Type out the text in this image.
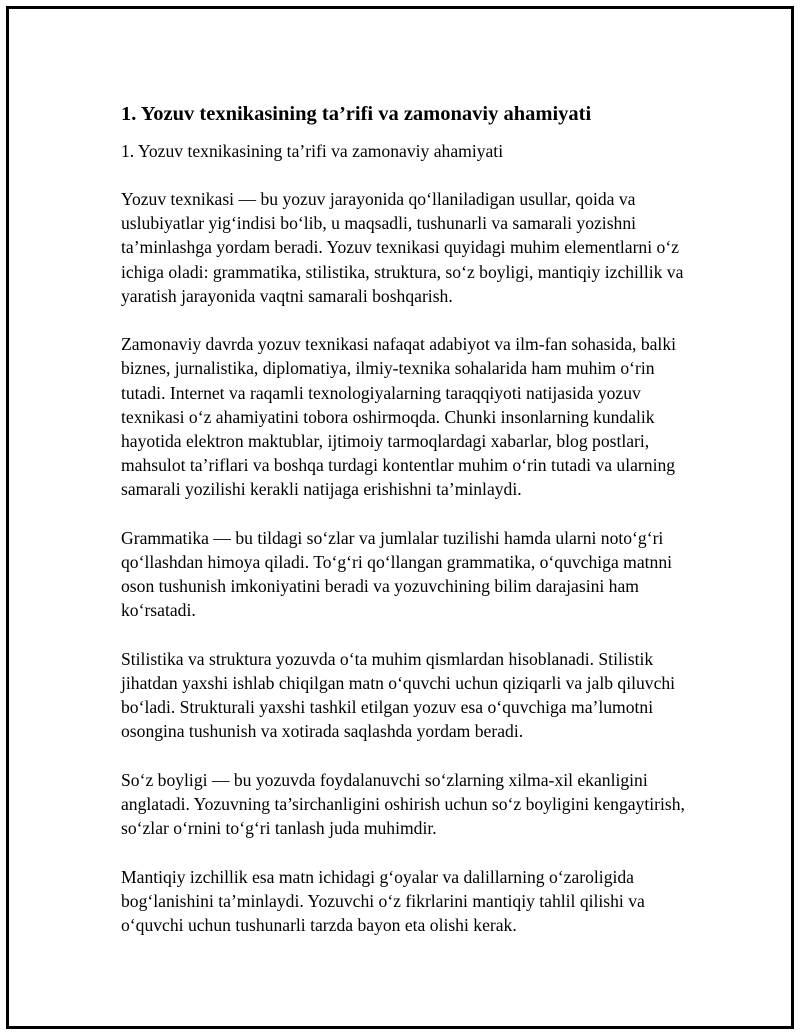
1. Yozuv texnikasining ta’rifi va zamonaviy ahamiyati

1. Yozuv texnikasining ta’rifi va zamonaviy ahamiyati

Yozuv texnikasi — bu yozuv jarayonida qo‘llaniladigan usullar, qoida va uslubiyatlar yig‘indisi bo‘lib, u maqsadli, tushunarli va samarali yozishni ta’minlashga yordam beradi. Yozuv texnikasi quyidagi muhim elementlarni o‘z ichiga oladi: grammatika, stilistika, struktura, so‘z boyligi, mantiqiy izchillik va yaratish jarayonida vaqtni samarali boshqarish.

Zamonaviy davrda yozuv texnikasi nafaqat adabiyot va ilm-fan sohasida, balki biznes, jurnalistika, diplomatiya, ilmiy-texnika sohalarida ham muhim o‘rin tutadi. Internet va raqamli texnologiyalarning taraqqiyoti natijasida yozuv texnikasi o‘z ahamiyatini tobora oshirmoqda. Chunki insonlarning kundalik hayotida elektron maktublar, ijtimoiy tarmoqlardagi xabarlar, blog postlari, mahsulot ta’riflari va boshqa turdagi kontentlar muhim o‘rin tutadi va ularning samarali yozilishi kerakli natijaga erishishni ta’minlaydi.

Grammatika — bu tildagi so‘zlar va jumlalar tuzilishi hamda ularni noto‘g‘ri qo‘llashdan himoya qiladi. To‘g‘ri qo‘llangan grammatika, o‘quvchiga matnni oson tushunish imkoniyatini beradi va yozuvchining bilim darajasini ham ko‘rsatadi.

Stilistika va struktura yozuvda o‘ta muhim qismlardan hisoblanadi. Stilistik jihatdan yaxshi ishlab chiqilgan matn o‘quvchi uchun qiziqarli va jalb qiluvchi bo‘ladi. Strukturali yaxshi tashkil etilgan yozuv esa o‘quvchiga ma’lumotni osongina tushunish va xotirada saqlashda yordam beradi.

So‘z boyligi — bu yozuvda foydalanuvchi so‘zlarning xilma-xil ekanligini anglatadi. Yozuvning ta’sirchanligini oshirish uchun so‘z boyligini kengaytirish, so‘zlar o‘rnini to‘g‘ri tanlash juda muhimdir.

Mantiqiy izchillik esa matn ichidagi g‘oyalar va dalillarning o‘zaroligida bog‘lanishini ta’minlaydi. Yozuvchi o‘z fikrlarini mantiqiy tahlil qilishi va o‘quvchi uchun tushunarli tarzda bayon eta olishi kerak.
